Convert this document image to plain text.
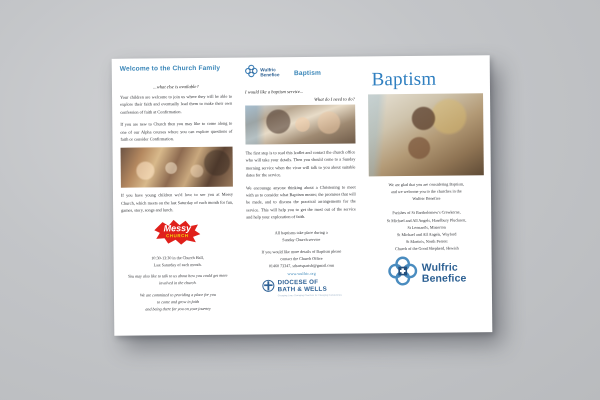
Welcome to the Church Family
...what else is available?

Your children are welcome to join us where they will be able to explore their faith and eventually lead them to make their own confession of faith at Confirmation.

If you are new to Church then you may like to come along to one of our Alpha courses where you can explore questions of faith or consider Confirmation.

If you have young children we'd love to see you at Messy Church, which meets on the last Saturday of each month for fun, games, story, songs and lunch.

Messy
CHURCH
10:30-13:30 in the Church Hall,
Last Saturday of each month.
You may also like to talk to us about how you could get more involved in the church.
We are committed to providing a place for you
to come and grow in faith
and being there for you on your journey
Wulfric
Benefice Baptism
I would like a baptism service...
What do I need to do?

The first step is to read this leaflet and contact the church office who will take your details. Then you should come to a Sunday morning service when the vicar will talk to you about suitable dates for the service.

We encourage anyone thinking about a Christening to meet with us to consider what Baptism means; the promises that will be made, and to discuss the practical arrangements for the service. This will help you to get the most out of the service and help your exploration of faith.

All baptisms take place during a
Sunday Church service
If you would like more details of Baptism please
contact the Church Office
01460 73347, stbartsparish@gmail.com
www.wulfric.org
DIOCESE OF
BATH & WELLS
Changing Lives Changing Churches for Changing Communities
Baptism
We are glad that you are considering Baptism,
and we welcome you to the churches in the
Wulfric Benefice
Parishes of St Bartholomew's Crewkerne,
St Michael and All Angels, Haselbury Plucknett,
St Leonard's, Misterton
St Michael and All Angels, Wayford
St Martin's, North Perrott
Church of the Good Shepherd, Hewish
Wulfric
Benefice
